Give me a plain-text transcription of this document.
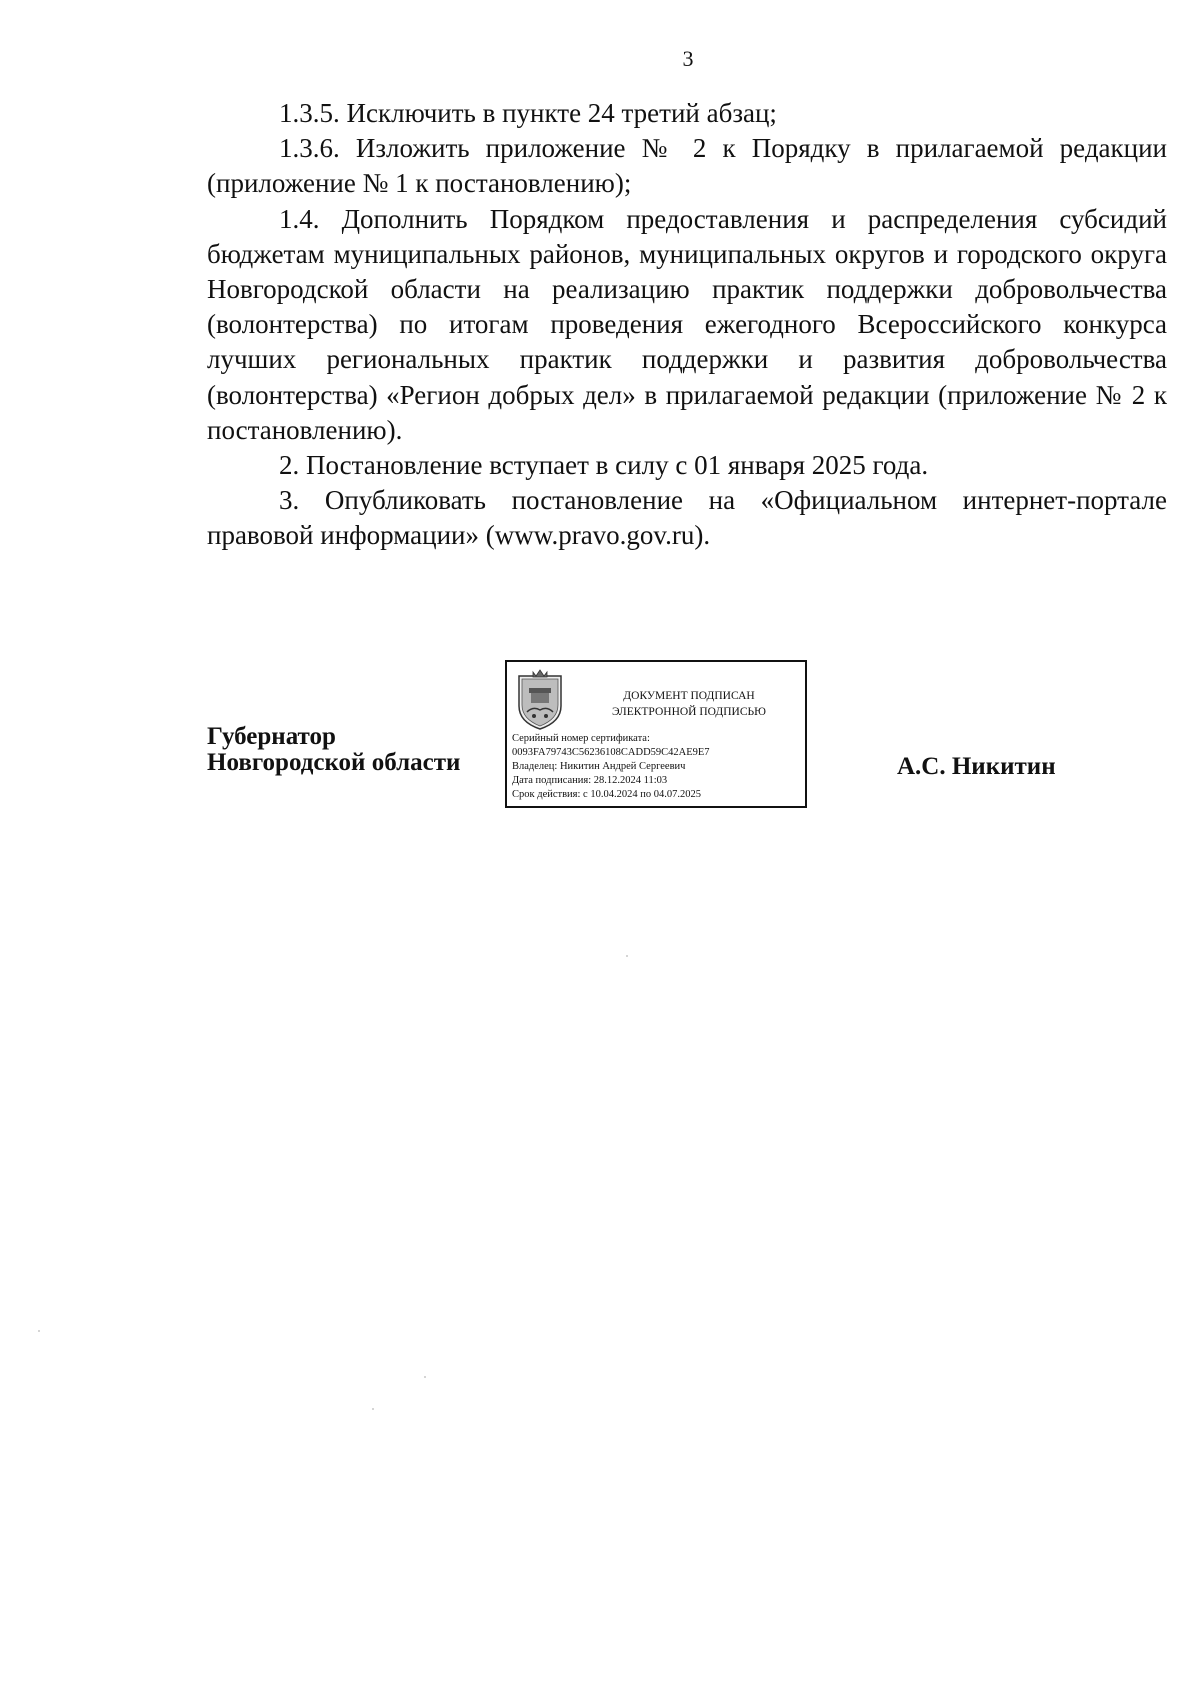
3

1.3.5. Исключить в пункте 24 третий абзац;

1.3.6. Изложить приложение № 2 к Порядку в прилагаемой редакции (приложение № 1 к постановлению);

1.4. Дополнить Порядком предоставления и распределения субсидий бюджетам муниципальных районов, муниципальных округов и городского округа Новгородской области на реализацию практик поддержки добровольчества (волонтерства) по итогам проведения ежегодного Всероссийского конкурса лучших региональных практик поддержки и развития добровольчества (волонтерства) «Регион добрых дел» в прилагаемой редакции (приложение № 2 к постановлению).

2. Постановление вступает в силу с 01 января 2025 года.

3. Опубликовать постановление на «Официальном интернет-портале правовой информации» (www.pravo.gov.ru).

Губернатор
Новгородской области
ДОКУМЕНТ ПОДПИСАН
ЭЛЕКТРОННОЙ ПОДПИСЬЮ
Серийный номер сертификата:
0093FA79743C56236108CADD59C42AE9E7
Владелец: Никитин Андрей Сергеевич
Дата подписания: 28.12.2024 11:03
Срок действия: с 10.04.2024 по 04.07.2025
А.С. Никитин
